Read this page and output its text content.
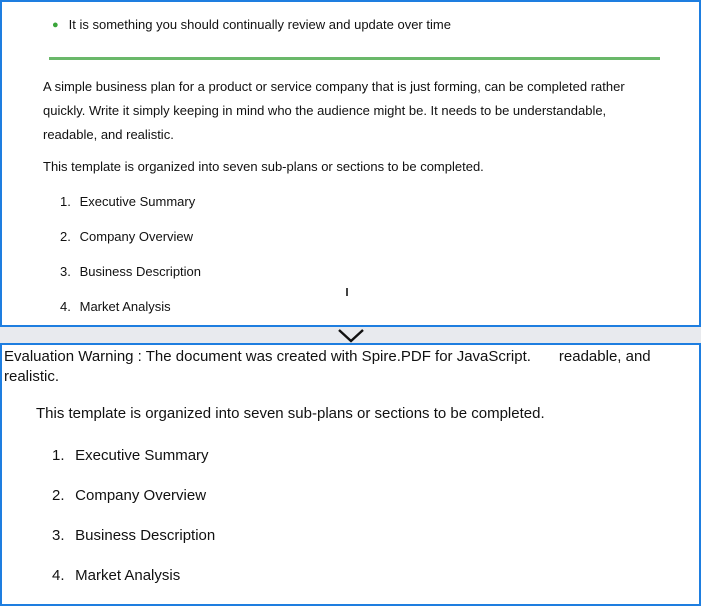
● It is something you should continually review and update over time
A simple business plan for a product or service company that is just forming, can be completed rather quickly. Write it simply keeping in mind who the audience might be. It needs to be understandable, readable, and realistic.
This template is organized into seven sub-plans or sections to be completed.
1. Executive Summary
2. Company Overview
3. Business Description
4. Market Analysis
Evaluation Warning : The document was created with Spire.PDF for JavaScript. readable, and realistic.
This template is organized into seven sub-plans or sections to be completed.
1. Executive Summary
2. Company Overview
3. Business Description
4. Market Analysis
